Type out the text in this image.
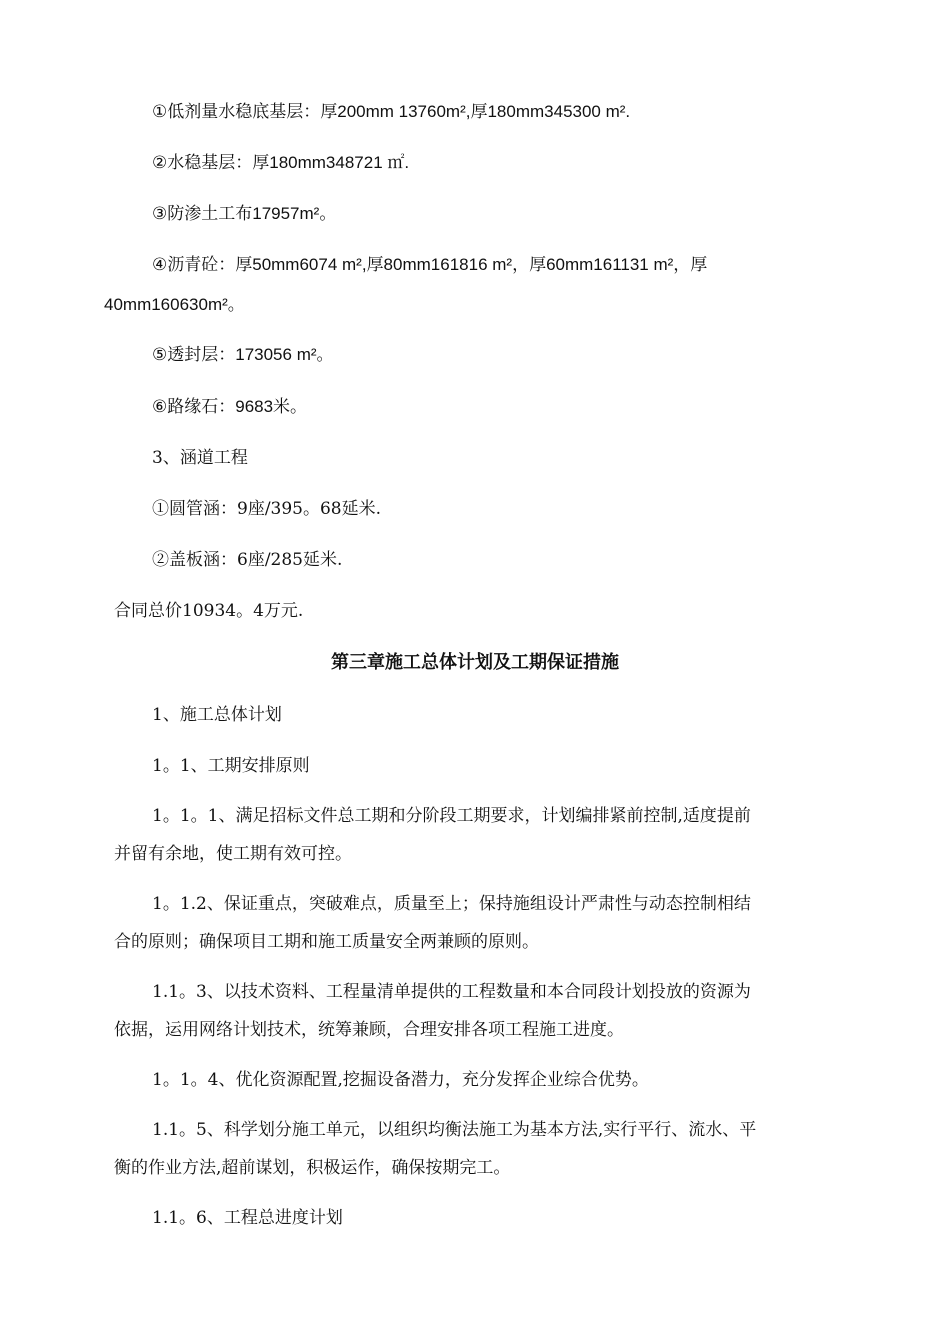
①低剂量水稳底基层：厚200mm 13760m²,厚180mm345300 m².
②水稳基层：厚180mm348721 ㎡.
③防渗土工布17957m²。
④沥青砼：厚50mm6074 m²,厚80mm161816 m²，厚60mm161131 m²，厚
40mm160630m²。
⑤透封层：173056 m²。
⑥路缘石：9683米。
3、涵道工程
①圆管涵：9座/395。68延米.
②盖板涵：6座/285延米.
合同总价10934。4万元.
第三章施工总体计划及工期保证措施
1、施工总体计划
1。1、工期安排原则
1。1。1、满足招标文件总工期和分阶段工期要求，计划编排紧前控制,适度提前
并留有余地，使工期有效可控。
1。1.2、保证重点，突破难点，质量至上；保持施组设计严肃性与动态控制相结
合的原则；确保项目工期和施工质量安全两兼顾的原则。
1.1。3、以技术资料、工程量清单提供的工程数量和本合同段计划投放的资源为
依据，运用网络计划技术，统筹兼顾，合理安排各项工程施工进度。
1。1。4、优化资源配置,挖掘设备潜力，充分发挥企业综合优势。
1.1。5、科学划分施工单元，以组织均衡法施工为基本方法,实行平行、流水、平
衡的作业方法,超前谋划，积极运作，确保按期完工。
1.1。6、工程总进度计划
